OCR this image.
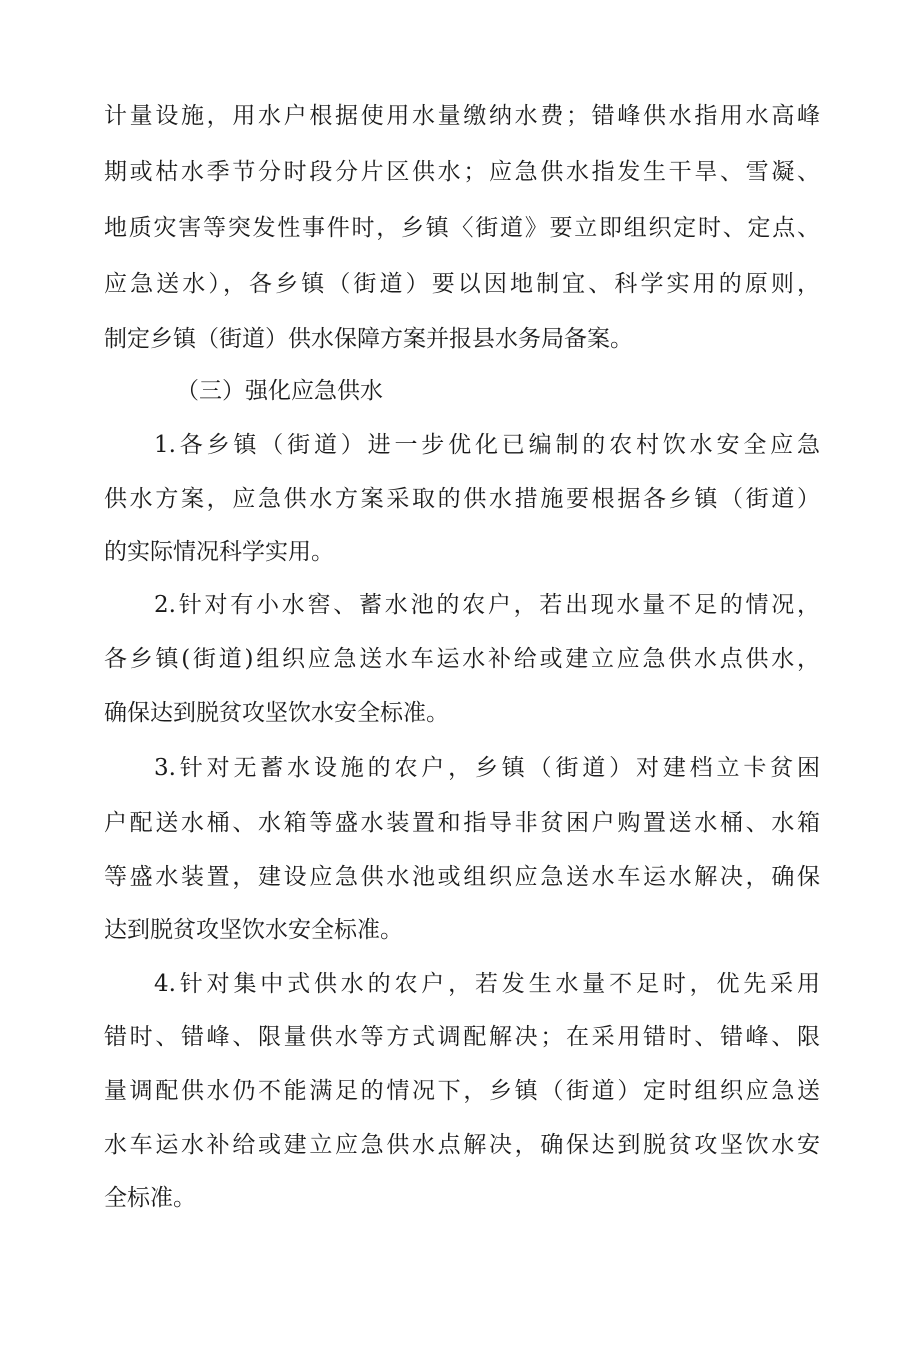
计量设施，用水户根据使用水量缴纳水费；错峰供水指用水高峰
期或枯水季节分时段分片区供水；应急供水指发生干旱、雪凝、
地质灾害等突发性事件时，乡镇〈街道》要立即组织定时、定点、
应急送水），各乡镇（街道）要以因地制宜、科学实用的原则，
制定乡镇（街道）供水保障方案并报县水务局备案。
（三）强化应急供水
1.各乡镇（街道）进一步优化已编制的农村饮水安全应急
供水方案，应急供水方案采取的供水措施要根据各乡镇（街道）
的实际情况科学实用。
2.针对有小水窖、蓄水池的农户，若出现水量不足的情况，
各乡镇(街道)组织应急送水车运水补给或建立应急供水点供水，
确保达到脱贫攻坚饮水安全标准。
3.针对无蓄水设施的农户，乡镇（街道）对建档立卡贫困
户配送水桶、水箱等盛水装置和指导非贫困户购置送水桶、水箱
等盛水装置，建设应急供水池或组织应急送水车运水解决，确保
达到脱贫攻坚饮水安全标准。
4.针对集中式供水的农户，若发生水量不足时，优先采用
错时、错峰、限量供水等方式调配解决；在采用错时、错峰、限
量调配供水仍不能满足的情况下，乡镇（街道）定时组织应急送
水车运水补给或建立应急供水点解决，确保达到脱贫攻坚饮水安
全标准。
